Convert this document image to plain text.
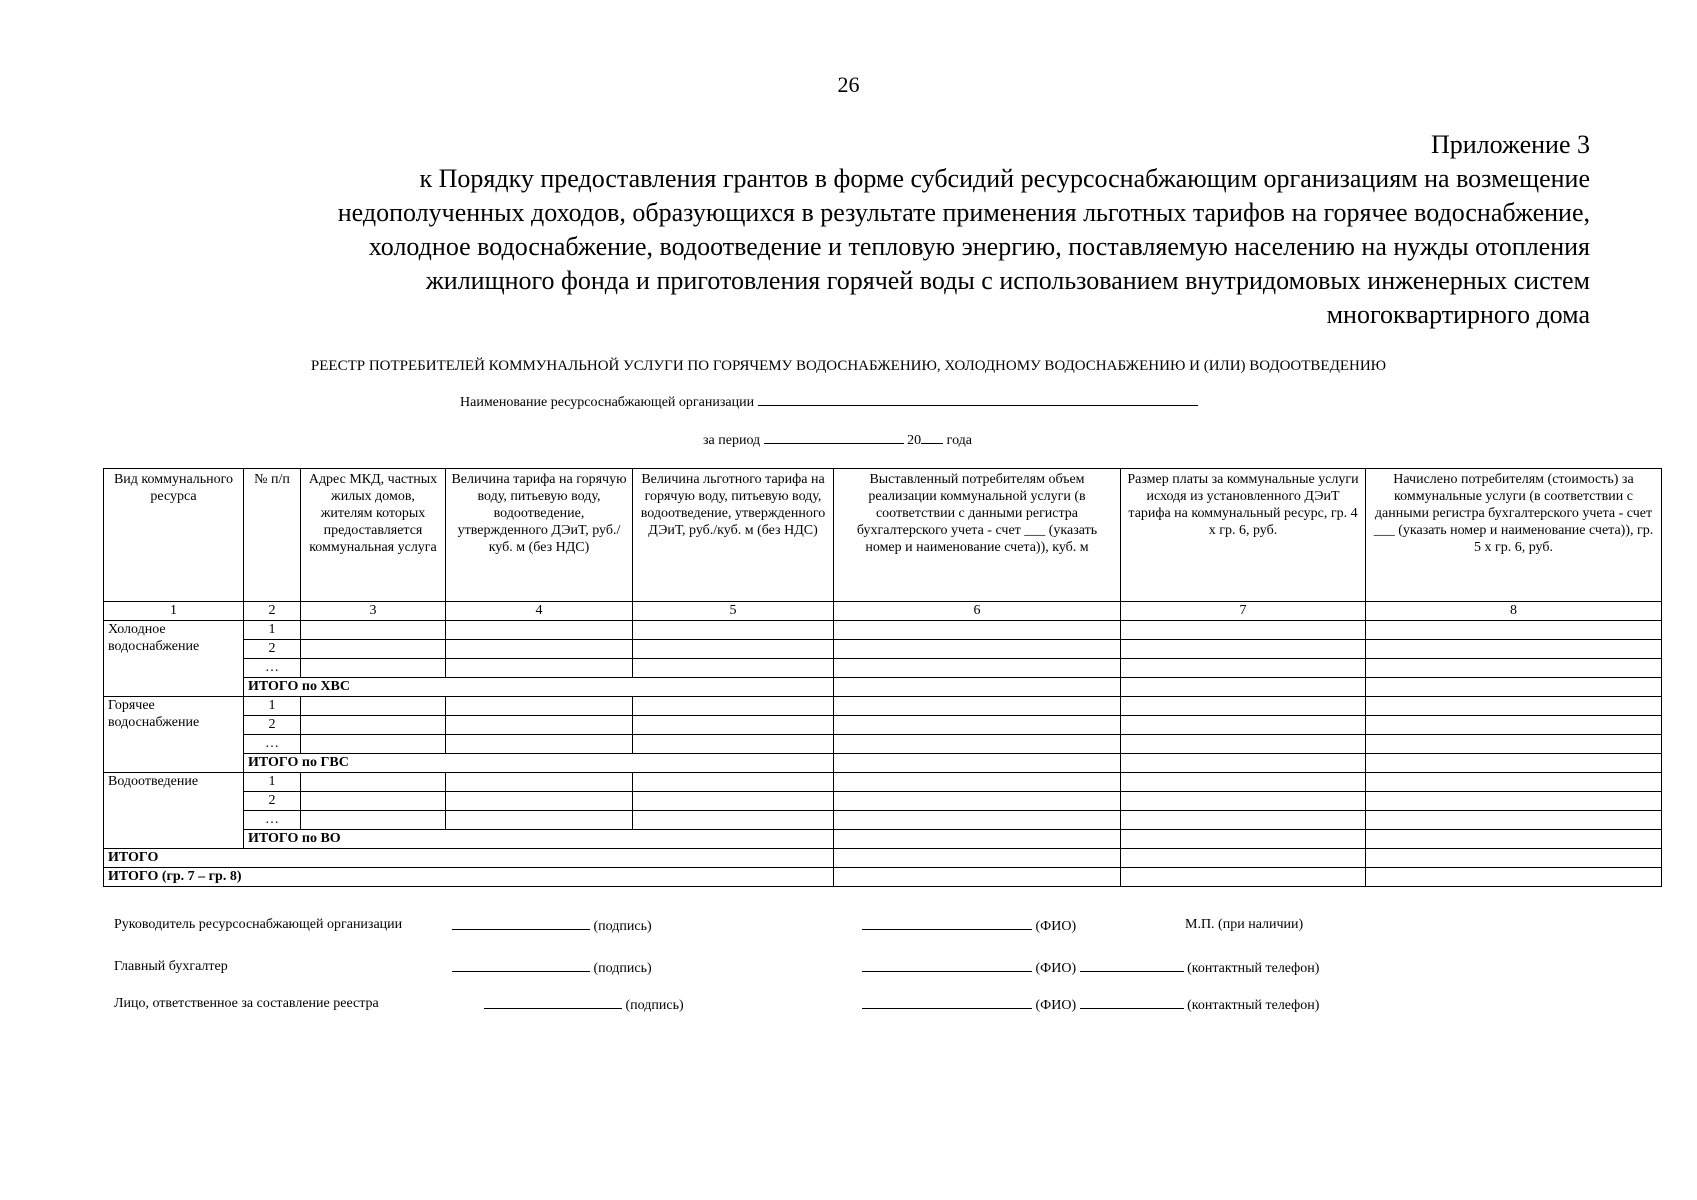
26
Приложение 3
к Порядку предоставления грантов в форме субсидий ресурсоснабжающим организациям на возмещение
недополученных доходов, образующихся в результате применения льготных тарифов на горячее водоснабжение,
холодное водоснабжение, водоотведение и тепловую энергию, поставляемую населению на нужды отопления
жилищного фонда и приготовления горячей воды с использованием внутридомовых инженерных систем
многоквартирного дома
РЕЕСТР ПОТРЕБИТЕЛЕЙ КОММУНАЛЬНОЙ УСЛУГИ ПО ГОРЯЧЕМУ ВОДОСНАБЖЕНИЮ, ХОЛОДНОМУ ВОДОСНАБЖЕНИЮ И (ИЛИ) ВОДООТВЕДЕНИЮ
Наименование ресурсоснабжающей организации
за период	20 года
Вид коммунального ресурса	№ п/п	Адрес МКД, частных жилых домов, жителям которых предоставляется коммунальная услуга	Величина тарифа на горячую воду, питьевую воду, водоотведение, утвержденного ДЭиТ, руб./куб. м (без НДС)	Величина льготного тарифа на горячую воду, питьевую воду, водоотведение, утвержденного ДЭиТ, руб./куб. м (без НДС)	Выставленный потребителям объем реализации коммунальной услуги (в соответствии с данными регистра бухгалтерского учета - счет ___ (указать номер и наименование счета)), куб. м	Размер платы за коммунальные услуги исходя из установленного ДЭиТ тарифа на коммунальный ресурс, гр. 4 х гр. 6, руб.	Начислено потребителям (стоимость) за коммунальные услуги (в соответствии с данными регистра бухгалтерского учета - счет ___ (указать номер и наименование счета)), гр. 5 х гр. 6, руб.
1	2	3	4	5	6	7	8
Холодное водоснабжение	1						
	2						
	…						
	ИТОГО по ХВС						
Горячее водоснабжение	1						
	2						
	…						
	ИТОГО по ГВС						
Водоотведение	1						
	2						
	…						
	ИТОГО по ВО						
ИТОГО							
ИТОГО (гр. 7 – гр. 8)							
Руководитель ресурсоснабжающей организации	(подпись)	(ФИО)	М.П. (при наличии)
Главный бухгалтер	(подпись)	(ФИО)	(контактный телефон)
Лицо, ответственное за составление реестра	(подпись)	(ФИО)	(контактный телефон)
